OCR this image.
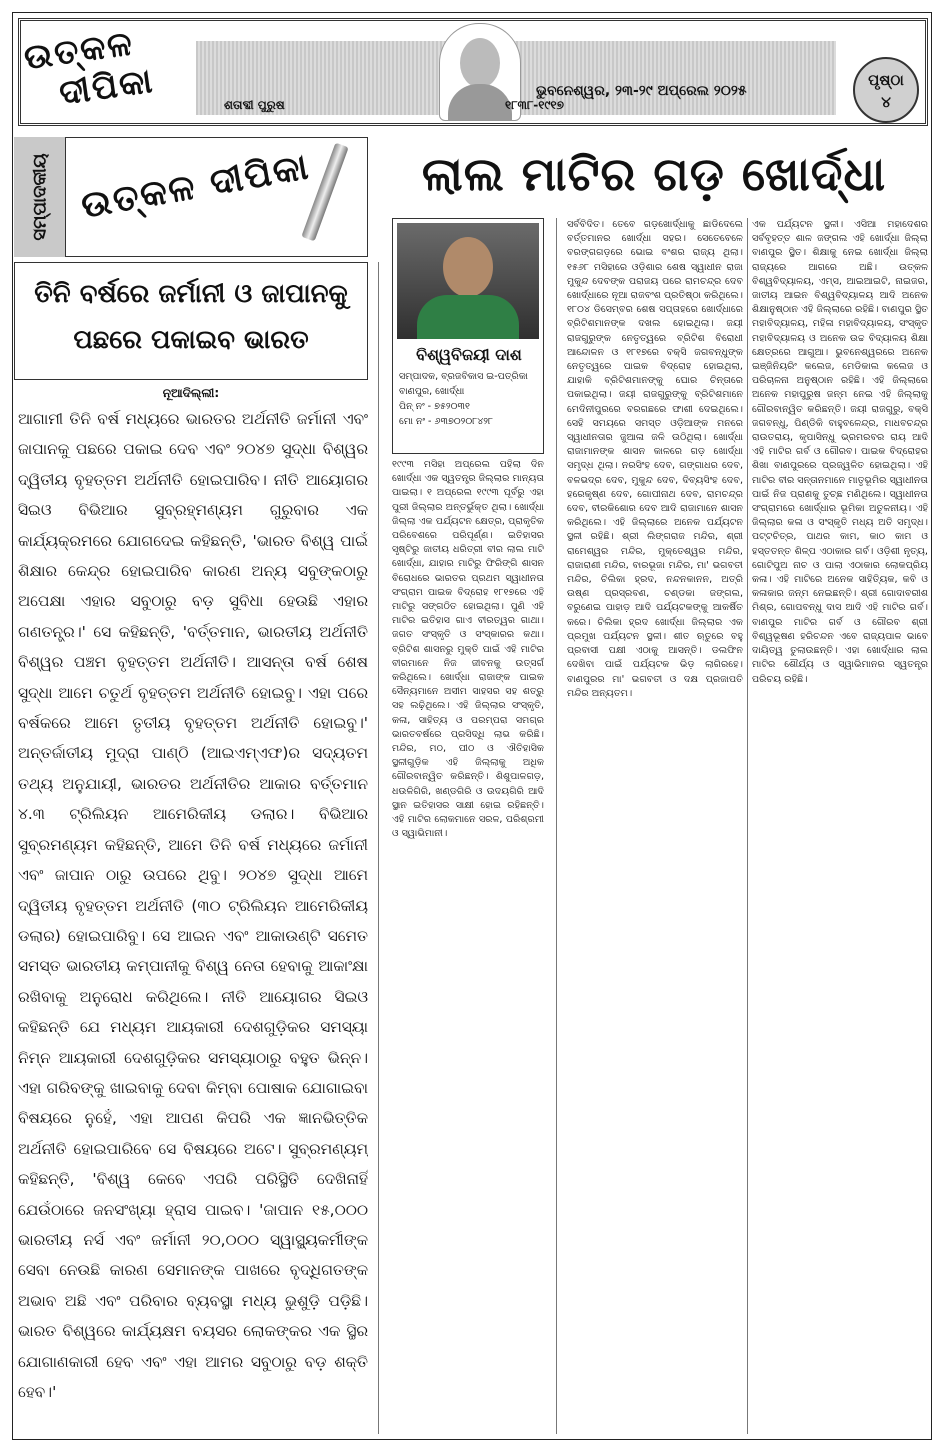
ଉତ୍କଳ
ଦୀପିକା	ଭୁବନେଶ୍ୱର, ୨୩-୨୯ ଅପ୍ରେଲ ୨୦୨୫
ପୃଷ୍ଠା
୪
ଶତାବ୍ଦୀ ପୁରୁଷ	୧୮୩୮-୧୯୧୭
ସମ୍ପାଦକୀୟ ଉତ୍କଳ ଦୀପିକା	ଲାଲ ମାଟିର ଗଡ଼ ଖୋର୍ଦ୍ଧା
ତିନି ବର୍ଷରେ ଜର୍ମାନୀ ଓ ଜାପାନକୁ
ପଛରେ ପକାଇବ ଭାରତ
ନୂଆଦିଲ୍ଲୀ:
ଆଗାମୀ ତିନି ବର୍ଷ ମଧ୍ୟରେ ଭାରତର ଅର୍ଥନୀତି ଜର୍ମାନୀ ଏବଂ ଜାପାନକୁ ପଛରେ ପକାଇ ଦେବ ଏବଂ ୨୦୪୭ ସୁଦ୍ଧା ବିଶ୍ୱର ଦ୍ୱିତୀୟ ବୃହତ୍ତମ ଅର୍ଥନୀତି ହୋଇପାରିବ। ନୀତି ଆୟୋଗର ସିଇଓ ବିଭିଆର ସୁବ୍ରହ୍ମଣ୍ୟମ ଗୁରୁବାର ଏକ କାର୍ଯ୍ୟକ୍ରମରେ ଯୋଗଦେଇ କହିଛନ୍ତି, 'ଭାରତ ବିଶ୍ୱ ପାଇଁ ଶିକ୍ଷାର କେନ୍ଦ୍ର ହୋଇପାରିବ କାରଣ ଅନ୍ୟ ସବୁଙ୍କଠାରୁ ଅପେକ୍ଷା ଏହାର ସବୁଠାରୁ ବଡ଼ ସୁବିଧା ହେଉଛି ଏହାର ଗଣତନ୍ତ୍ର।' ସେ କହିଛନ୍ତି, 'ବର୍ତ୍ତମାନ, ଭାରତୀୟ ଅର୍ଥନୀତି ବିଶ୍ୱର ପଞ୍ଚମ ବୃହତ୍ତମ ଅର୍ଥନୀତି। ଆସନ୍ତା ବର୍ଷ ଶେଷ ସୁଦ୍ଧା ଆମେ ଚତୁର୍ଥ ବୃହତ୍ତମ ଅର୍ଥନୀତି ହୋଇବୁ। ଏହା ପରେ ବର୍ଷକରେ ଆମେ ତୃତୀୟ ବୃହତ୍ତମ ଅର୍ଥନୀତି ହୋଇବୁ।' ଅନ୍ତର୍ଜାତୀୟ ମୁଦ୍ରା ପାଣ୍ଠି (ଆଇଏମ୍ଏଫ)ର ସଦ୍ୟତମ ତଥ୍ୟ ଅନୁଯାୟୀ, ଭାରତର ଅର୍ଥନୀତିର ଆକାର ବର୍ତ୍ତମାନ ୪.୩ ଟ୍ରିଲିୟନ ଆମେରିକୀୟ ଡଲାର। ବିଭିଆର ସୁବ୍ରମଣ୍ୟମ କହିଛନ୍ତି, ଆମେ ତିନି ବର୍ଷ ମଧ୍ୟରେ ଜର୍ମାନୀ ଏବଂ ଜାପାନ ଠାରୁ ଉପରେ ଥିବୁ। ୨୦୪୭ ସୁଦ୍ଧା ଆମେ ଦ୍ୱିତୀୟ ବୃହତ୍ତମ ଅର୍ଥନୀତି (୩୦ ଟ୍ରିଲିୟନ ଆମେରିକୀୟ ଡଲାର) ହୋଇପାରିବୁ। ସେ ଆଇନ ଏବଂ ଆକାଉଣ୍ଟି ସମେତ ସମସ୍ତ ଭାରତୀୟ କମ୍ପାନୀକୁ ବିଶ୍ୱ ନେତା ହେବାକୁ ଆକାଂକ୍ଷା ରଖିବାକୁ ଅନୁରୋଧ କରିଥିଲେ। ନୀତି ଆୟୋଗର ସିଇଓ କହିଛନ୍ତି ଯେ ମଧ୍ୟମ ଆୟକାରୀ ଦେଶଗୁଡ଼ିକର ସମସ୍ୟା ନିମ୍ନ ଆୟକାରୀ ଦେଶଗୁଡ଼ିକର ସମସ୍ୟାଠାରୁ ବହୁତ ଭିନ୍ନ। ଏହା ଗରିବଙ୍କୁ ଖାଇବାକୁ ଦେବା କିମ୍ବା ପୋଷାକ ଯୋଗାଇବା ବିଷୟରେ ନୁହେଁ, ଏହା ଆପଣ କିପରି ଏକ ଜ୍ଞାନଭିତ୍ତିକ ଅର୍ଥନୀତି ହୋଇପାରିବେ ସେ ବିଷୟରେ ଅଟେ। ସୁବ୍ରମଣ୍ୟମ୍ କହିଛନ୍ତି, 'ବିଶ୍ୱ କେବେ ଏପରି ପରିସ୍ଥିତି ଦେଖିନାହିଁ ଯେଉଁଠାରେ ଜନସଂଖ୍ୟା ହ୍ରାସ ପାଇବ। 'ଜାପାନ ୧୫,୦୦୦ ଭାରତୀୟ ନର୍ସ ଏବଂ ଜର୍ମାନୀ ୨୦,୦୦୦ ସ୍ୱାସ୍ଥ୍ୟକର୍ମୀଙ୍କ ସେବା ନେଉଛି କାରଣ ସେମାନଙ୍କ ପାଖରେ ବୃଦ୍ଧିଗତଙ୍କ ଅଭାବ ଅଛି ଏବଂ ପରିବାର ବ୍ୟବସ୍ଥା ମଧ୍ୟ ଭୁଶୁଡ଼ି ପଡ଼ିଛି। ଭାରତ ବିଶ୍ୱରେ କାର୍ଯ୍ୟକ୍ଷମ ବୟସର ଲୋକଙ୍କର ଏକ ସ୍ଥିର ଯୋଗାଣକାରୀ ହେବ ଏବଂ ଏହା ଆମର ସବୁଠାରୁ ବଡ଼ ଶକ୍ତି ହେବ।'
ବିଶ୍ୱବିଜୟୀ ଦାଶ
ସମ୍ପାଦକ, ବ୍ରଜବିକାସ ଇ-ପତ୍ରିକା
ବାଣପୁର, ଖୋର୍ଦ୍ଧା
ପିନ୍ ନଂ - ୭୫୨୦୩୧
ମୋ ନଂ - ୬୩୭୦୨୦୮୪୨୮
୧୯୯୩ ମସିହା ଅପ୍ରେଲ ପହିଲା ଦିନ ଖୋର୍ଦ୍ଧା ଏକ ସ୍ୱତନ୍ତ୍ର ଜିଲ୍ଲାର ମାନ୍ୟତା ପାଇଲା। ୧ ଅପ୍ରେଲ ୧୯୯୩ ପୂର୍ବରୁ ଏହା ପୁରୀ ଜିଲ୍ଲାର ଅନ୍ତର୍ଭୁକ୍ତ ଥିଲା। ଖୋର୍ଦ୍ଧା ଜିଲ୍ଲା ଏକ ପର୍ଯ୍ୟଟନ କ୍ଷେତ୍ର, ପ୍ରାକୃତିକ ପରିବେଶରେ ପରିପୂର୍ଣ୍ଣ। ଇତିହାସର ସୃଷ୍ଟିରୁ ଜାତୀୟ ଧରିତ୍ରୀ ବୀର ଲାଲ ମାଟି ଖୋର୍ଦ୍ଧା, ଯାହାର ମାଟିରୁ ଫିରିଙ୍ଗି ଶାସନ ବିରୋଧରେ ଭାରତର ପ୍ରଥମ ସ୍ୱାଧୀନତା ସଂଗ୍ରାମ ପାଇକ ବିଦ୍ରୋହ ୧୮୧୭ରେ ଏହି ମାଟିରୁ ସଙ୍ଗଠିତ ହୋଇଥିଲା। ପୁଣି ଏହି ମାଟିର ଇତିହାସ ଗାଏ ବୀରତ୍ୱର ଗାଥା। ଜଗତ ସଂସ୍କୃତି ଓ ସଂସ୍କାରର କଥା। ବ୍ରିଟିଶ ଶାସନରୁ ମୁକ୍ତି ପାଇଁ ଏହି ମାଟିର ବୀରମାନେ ନିଜ ଜୀବନକୁ ଉତ୍ସର୍ଗ କରିଥିଲେ। ଖୋର୍ଦ୍ଧା ରାଜାଙ୍କ ପାଇକ ସୈନ୍ୟମାନେ ଅସୀମ ସାହସର ସହ ଶତ୍ରୁ ସହ ଲଢ଼ିଥିଲେ। ଏହି ଜିଲ୍ଲାର ସଂସ୍କୃତି, କଳା, ସାହିତ୍ୟ ଓ ପରମ୍ପରା ସମଗ୍ର ଭାରତବର୍ଷରେ ପ୍ରସିଦ୍ଧି ଲାଭ କରିଛି। ମନ୍ଦିର, ମଠ, ପୀଠ ଓ ଐତିହାସିକ ସ୍ଥଳୀଗୁଡ଼ିକ ଏହି ଜିଲ୍ଲାକୁ ଅଧିକ ଗୌରବାନ୍ୱିତ କରିଛନ୍ତି। ଶିଶୁପାଳଗଡ଼, ଧଉଳିଗିରି, ଖଣ୍ଡଗିରି ଓ ଉଦୟଗିରି ଆଦି ସ୍ଥାନ ଇତିହାସର ସାକ୍ଷୀ ହୋଇ ରହିଛନ୍ତି। ଏହି ମାଟିର ଲୋକମାନେ ସରଳ, ପରିଶ୍ରମୀ ଓ ସ୍ୱାଭିମାନୀ।
ସର୍ବବିଦିତ। ତେବେ ଗଡ଼ଖୋର୍ଦ୍ଧାକୁ ଛାଡିଦେଲେ ବର୍ତ୍ତମାନର ଖୋର୍ଦ୍ଧା ସହର। ସେତେବେଳେ ବରଙ୍ଗଗଡ଼ରେ ଭୋଇ ବଂଶର ରାଜ୍ୟ ଥିଲା। ୧୫୬୮ ମସିହାରେ ଓଡ଼ିଶାର ଶେଷ ସ୍ୱାଧୀନ ରାଜା ମୁକୁନ୍ଦ ଦେବଙ୍କ ପରାଜୟ ପରେ ରାମଚନ୍ଦ୍ର ଦେବ ଖୋର୍ଦ୍ଧାରେ ନୂଆ ରାଜବଂଶ ପ୍ରତିଷ୍ଠା କରିଥିଲେ। ୧୮୦୪ ଡିସେମ୍ବର ଶେଷ ସପ୍ତାହରେ ଖୋର୍ଦ୍ଧାରେ ବ୍ରିଟିଶମାନଙ୍କ ଦଖଲ ହୋଇଥିଲା। ଜୟୀ ରାଜଗୁରୁଙ୍କ ନେତୃତ୍ୱରେ ବ୍ରିଟିଶ ବିରୋଧୀ ଆନ୍ଦୋଳନ ଓ ୧୮୧୭ରେ ବକ୍ସି ଜଗବନ୍ଧୁଙ୍କ ନେତୃତ୍ୱରେ ପାଇକ ବିଦ୍ରୋହ ହୋଇଥିଲା, ଯାହାକି ବ୍ରିଟିଶମାନଙ୍କୁ ଘୋର ଚିନ୍ତାରେ ପକାଇଥିଲା। ଜୟୀ ରାଜଗୁରୁଙ୍କୁ ବ୍ରିଟିଶମାନେ ମେଦିନୀପୁରରେ ବରଗଛରେ ଫାଶୀ ଦେଇଥିଲେ। ସେହି ସମୟରେ ସମସ୍ତ ଓଡ଼ିଆଙ୍କ ମନରେ ସ୍ୱାଧୀନତାର ଜୁଆଳା ଜଳି ଉଠିଥିଲା। ଖୋର୍ଦ୍ଧା ରାଜାମାନଙ୍କ ଶାସନ କାଳରେ ଗଡ଼ ଖୋର୍ଦ୍ଧା ସମୃଦ୍ଧ ଥିଲା। ନରସିଂହ ଦେବ, ଗଙ୍ଗାଧର ଦେବ, ବଳଭଦ୍ର ଦେବ, ମୁକୁନ୍ଦ ଦେବ, ଦିବ୍ୟସିଂହ ଦେବ, ହରେକୃଷ୍ଣ ଦେବ, ଗୋପୀନାଥ ଦେବ, ରାମଚନ୍ଦ୍ର ଦେବ, ବୀରକିଶୋର ଦେବ ଆଦି ରାଜାମାନେ ଶାସନ କରିଥିଲେ। ଏହି ଜିଲ୍ଲାରେ ଅନେକ ପର୍ଯ୍ୟଟନ ସ୍ଥଳୀ ରହିଛି। ଶ୍ରୀ ଲିଙ୍ଗରାଜ ମନ୍ଦିର, ଶ୍ରୀ ରାମେଶ୍ୱର ମନ୍ଦିର, ମୁକ୍ତେଶ୍ୱର ମନ୍ଦିର, ରାଜାରାଣୀ ମନ୍ଦିର, ବାରଭୂଜା ମନ୍ଦିର, ମା' ଭଗବତୀ ମନ୍ଦିର, ଚିଲିକା ହ୍ରଦ, ନନ୍ଦନକାନନ, ଅତ୍ରି ଉଷ୍ଣ ପ୍ରସ୍ରବଣ, ଚଣ୍ଡକା ଜଙ୍ଗଲ, ବରୁଣେଇ ପାହାଡ଼ ଆଦି ପର୍ଯ୍ୟଟକଙ୍କୁ ଆକର୍ଷିତ କରେ। ଚିଲିକା ହ୍ରଦ ଖୋର୍ଦ୍ଧା ଜିଲ୍ଲାର ଏକ ପ୍ରମୁଖ ପର୍ଯ୍ୟଟନ ସ୍ଥଳୀ। ଶୀତ ଋତୁରେ ବହୁ ପ୍ରବାସୀ ପକ୍ଷୀ ଏଠାକୁ ଆସନ୍ତି। ଡଲଫିନ ଦେଖିବା ପାଇଁ ପର୍ଯ୍ୟଟକ ଭିଡ଼ ଲାଗିରହେ। ବାଣପୁରର ମା' ଭଗବତୀ ଓ ଦକ୍ଷ ପ୍ରଜାପତି ମନ୍ଦିର ଅନ୍ୟତମ।
ଏକ ପର୍ଯ୍ୟଟନ ସ୍ଥଳୀ। ଏସିଆ ମହାଦେଶର ସର୍ବବୃହତ୍ତ ଶାଳ ଜଙ୍ଗଲ ଏହି ଖୋର୍ଦ୍ଧା ଜିଲ୍ଲା ବାଣପୁର ସ୍ଥିତ। ଶିକ୍ଷାକୁ ନେଇ ଖୋର୍ଦ୍ଧା ଜିଲ୍ଲା ରାଜ୍ୟରେ ଆଗରେ ଅଛି। ଉତ୍କଳ ବିଶ୍ୱବିଦ୍ୟାଳୟ, ଏମ୍ସ, ଆଇଆଇଟି, ନାଇଜର, ଜାତୀୟ ଆଇନ ବିଶ୍ୱବିଦ୍ୟାଳୟ ଆଦି ଅନେକ ଶିକ୍ଷାନୁଷ୍ଠାନ ଏହି ଜିଲ୍ଲାରେ ରହିଛି। ବାଣପୁର ସ୍ଥିତ ମହାବିଦ୍ୟାଳୟ, ମହିଳା ମହାବିଦ୍ୟାଳୟ, ସଂସ୍କୃତ ମହାବିଦ୍ୟାଳୟ ଓ ଅନେକ ଉଚ୍ଚ ବିଦ୍ୟାଳୟ ଶିକ୍ଷା କ୍ଷେତ୍ରରେ ଆଗୁଆ। ଭୁବନେଶ୍ୱରରେ ଅନେକ ଇଞ୍ଜିନିୟରିଂ କଲେଜ, ମେଡିକାଲ କଲେଜ ଓ ପରିଚାଳନା ଅନୁଷ୍ଠାନ ରହିଛି। ଏହି ଜିଲ୍ଲାରେ ଅନେକ ମହାପୁରୁଷ ଜନ୍ମ ନେଇ ଏହି ଜିଲ୍ଲାକୁ ଗୌରବାନ୍ୱିତ କରିଛନ୍ତି। ଜୟୀ ରାଜଗୁରୁ, ବକ୍ସି ଜଗବନ୍ଧୁ, ପିଣ୍ଡିକି ବାହୁବଳେନ୍ଦ୍ର, ମାଧବଚନ୍ଦ୍ର ରାଉତରାୟ, କୃପାସିନ୍ଧୁ ଭ୍ରମରବର ରାୟ ଆଦି ଏହି ମାଟିର ଗର୍ବ ଓ ଗୌରବ। ପାଇକ ବିଦ୍ରୋହର ଶିଖା ବାଣପୁରରେ ପ୍ରଜ୍ୱଳିତ ହୋଇଥିଲା। ଏହି ମାଟିର ବୀର ସନ୍ତାନମାନେ ମାତୃଭୂମିର ସ୍ୱାଧୀନତା ପାଇଁ ନିଜ ପ୍ରାଣକୁ ତୁଚ୍ଛ ମଣିଥିଲେ। ସ୍ୱାଧୀନତା ସଂଗ୍ରାମରେ ଖୋର୍ଦ୍ଧାର ଭୂମିକା ଅତୁଳନୀୟ। ଏହି ଜିଲ୍ଲାର କଳା ଓ ସଂସ୍କୃତି ମଧ୍ୟ ଅତି ସମୃଦ୍ଧ। ପଟ୍ଟଚିତ୍ର, ପାଥର କାମ, କାଠ କାମ ଓ ହସ୍ତତନ୍ତ ଶିଳ୍ପ ଏଠାକାର ଗର୍ବ। ଓଡ଼ିଶୀ ନୃତ୍ୟ, ଗୋଟିପୁଅ ନାଚ ଓ ପାଲା ଏଠାକାର ଲୋକପ୍ରିୟ କଳା। ଏହି ମାଟିରେ ଅନେକ ସାହିତ୍ୟିକ, କବି ଓ କଳାକାର ଜନ୍ମ ନେଇଛନ୍ତି। ଶ୍ରୀ ଗୋଦାବରୀଶ ମିଶ୍ର, ଗୋପବନ୍ଧୁ ଦାସ ଆଦି ଏହି ମାଟିର ଗର୍ବ। ବାଣପୁର ମାଟିର ଗର୍ବ ଓ ଗୌରବ ଶ୍ରୀ ବିଶ୍ୱଭୂଷଣ ହରିଚନ୍ଦନ ଏବେ ରାଜ୍ୟପାଳ ଭାବେ ଦାୟିତ୍ୱ ତୁଲାଉଛନ୍ତି। ଏହା ଖୋର୍ଦ୍ଧାର ଲାଲ ମାଟିର ଶୌର୍ଯ୍ୟ ଓ ସ୍ୱାଭିମାନର ସ୍ୱତନ୍ତ୍ର ପରିଚୟ ରହିଛି।
